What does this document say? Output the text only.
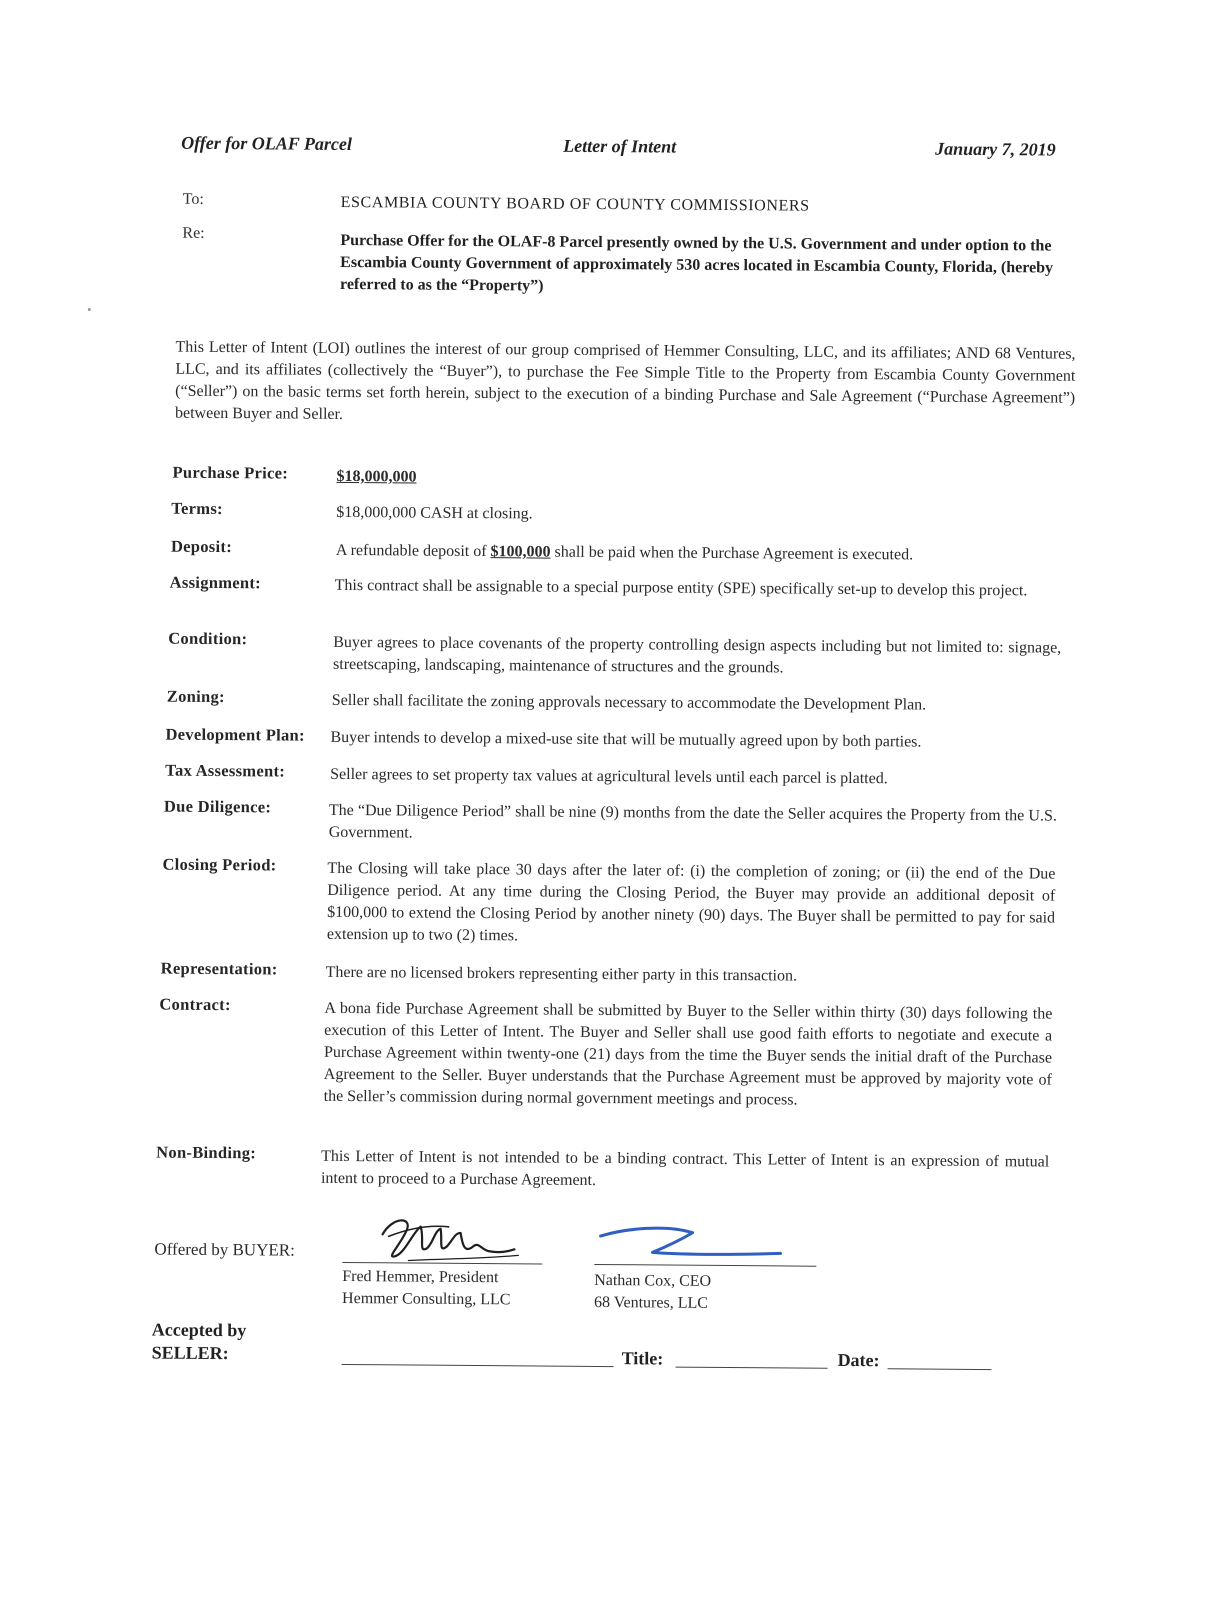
Offer for OLAF Parcel	Letter of Intent	January 7, 2019
To:	ESCAMBIA COUNTY BOARD OF COUNTY COMMISSIONERS
Re:	Purchase Offer for the OLAF-8 Parcel presently owned by the U.S. Government and under option to the Escambia County Government of approximately 530 acres located in Escambia County, Florida, (hereby referred to as the “Property”)
This Letter of Intent (LOI) outlines the interest of our group comprised of Hemmer Consulting, LLC, and its affiliates; AND 68 Ventures, LLC, and its affiliates (collectively the “Buyer”), to purchase the Fee Simple Title to the Property from Escambia County Government (“Seller”) on the basic terms set forth herein, subject to the execution of a binding Purchase and Sale Agreement (“Purchase Agreement”) between Buyer and Seller.
Purchase Price:	$18,000,000
Terms:	$18,000,000 CASH at closing.
Deposit:	A refundable deposit of $100,000 shall be paid when the Purchase Agreement is executed.
Assignment:	This contract shall be assignable to a special purpose entity (SPE) specifically set-up to develop this project.
Condition:	Buyer agrees to place covenants of the property controlling design aspects including but not limited to: signage, streetscaping, landscaping, maintenance of structures and the grounds.
Zoning:	Seller shall facilitate the zoning approvals necessary to accommodate the Development Plan.
Development Plan: Buyer intends to develop a mixed-use site that will be mutually agreed upon by both parties.
Tax Assessment:	Seller agrees to set property tax values at agricultural levels until each parcel is platted.
Due Diligence:	The “Due Diligence Period” shall be nine (9) months from the date the Seller acquires the Property from the U.S. Government.
Closing Period:	The Closing will take place 30 days after the later of: (i) the completion of zoning; or (ii) the end of the Due Diligence period. At any time during the Closing Period, the Buyer may provide an additional deposit of $100,000 to extend the Closing Period by another ninety (90) days. The Buyer shall be permitted to pay for said extension up to two (2) times.
Representation:	There are no licensed brokers representing either party in this transaction.
Contract:	A bona fide Purchase Agreement shall be submitted by Buyer to the Seller within thirty (30) days following the execution of this Letter of Intent. The Buyer and Seller shall use good faith efforts to negotiate and execute a Purchase Agreement within twenty-one (21) days from the time the Buyer sends the initial draft of the Purchase Agreement to the Seller. Buyer understands that the Purchase Agreement must be approved by majority vote of the Seller’s commission during normal government meetings and process.
Non-Binding:	This Letter of Intent is not intended to be a binding contract. This Letter of Intent is an expression of mutual intent to proceed to a Purchase Agreement.
Offered by BUYER:
Fred Hemmer, President
Hemmer Consulting, LLC
Nathan Cox, CEO
68 Ventures, LLC
Accepted by
SELLER:	Title:	Date:
